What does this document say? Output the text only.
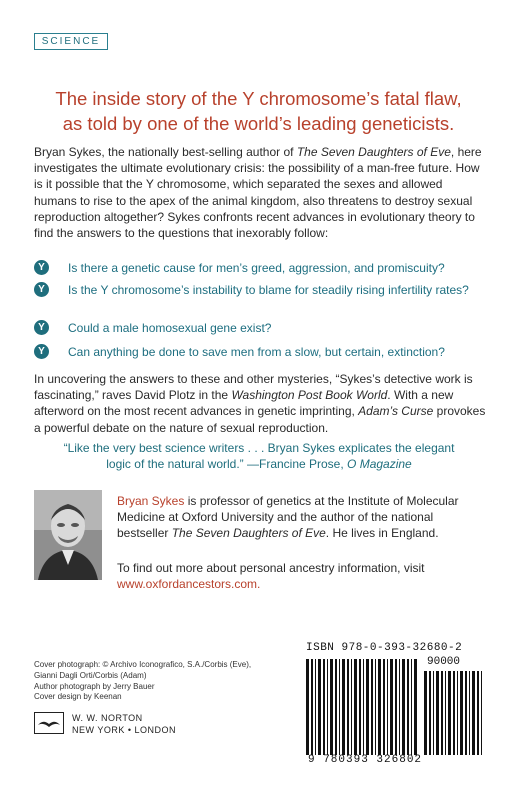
SCIENCE
The inside story of the Y chromosome’s fatal flaw,
as told by one of the world’s leading geneticists.
Bryan Sykes, the nationally best-selling author of The Seven Daughters of Eve, here investigates the ultimate evolutionary crisis: the possibility of a man-free future. How is it possible that the Y chromosome, which separated the sexes and allowed humans to rise to the apex of the animal kingdom, also threatens to destroy sexual reproduction altogether? Sykes confronts recent advances in evolutionary theory to find the answers to the questions that inexorably follow:
Y	Is there a genetic cause for men’s greed, aggression, and promiscuity?
Y	Is the Y chromosome’s instability to blame for steadily rising infertility rates?
Y	Could a male homosexual gene exist?
Y	Can anything be done to save men from a slow, but certain, extinction?
In uncovering the answers to these and other mysteries, “Sykes’s detective work is fascinating,” raves David Plotz in the Washington Post Book World. With a new afterword on the most recent advances in genetic imprinting, Adam’s Curse provokes a powerful debate on the nature of sexual reproduction.
“Like the very best science writers . . . Bryan Sykes explicates the elegant
logic of the natural world.” —Francine Prose, O Magazine
Bryan Sykes is professor of genetics at the Institute of Molecular Medicine at Oxford University and the author of the national bestseller The Seven Daughters of Eve. He lives in England.
To find out more about personal ancestry information, visit
www.oxfordancestors.com.
Cover photograph: © Archivo Iconografico, S.A./Corbis (Eve),
Gianni Dagli Orti/Corbis (Adam)
Author photograph by Jerry Bauer
Cover design by Keenan
W. W. NORTON
NEW YORK • LONDON
ISBN 978-0-393-32680-2
90000
9 780393 326802
